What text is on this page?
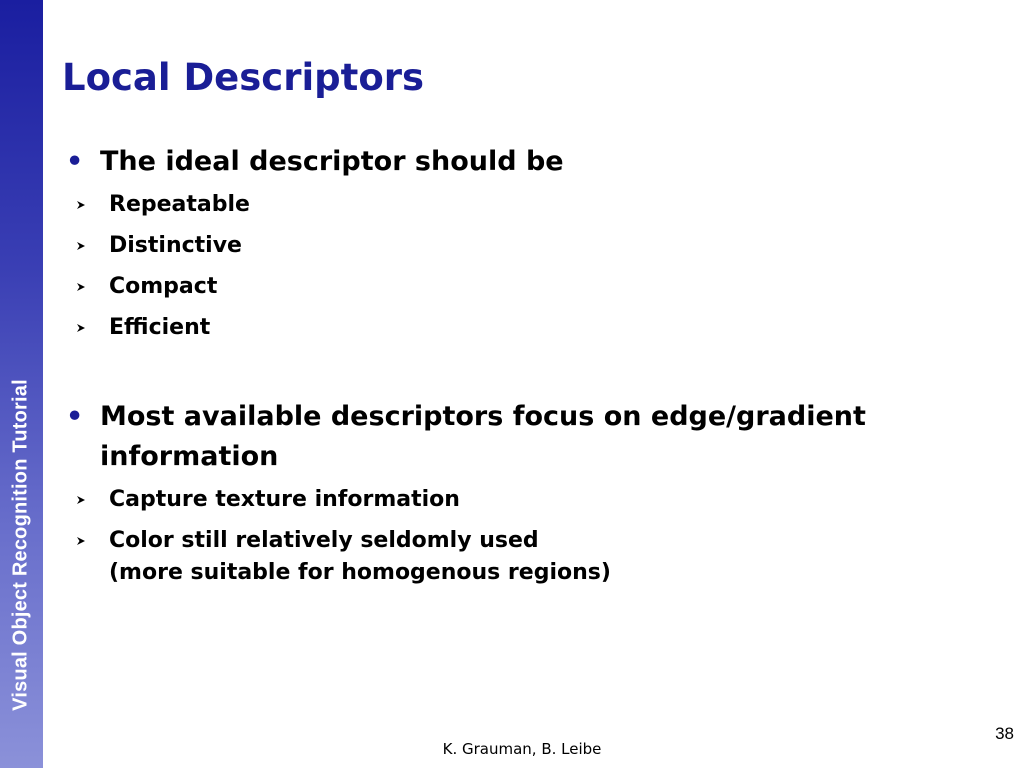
Visual Object Recognition Tutorial
Local Descriptors
• The ideal descriptor should be
Repeatable
Distinctive
Compact
Efficient
• Most available descriptors focus on edge/gradient information
Capture texture information
Color still relatively seldomly used
(more suitable for homogenous regions)
38
K. Grauman, B. Leibe
